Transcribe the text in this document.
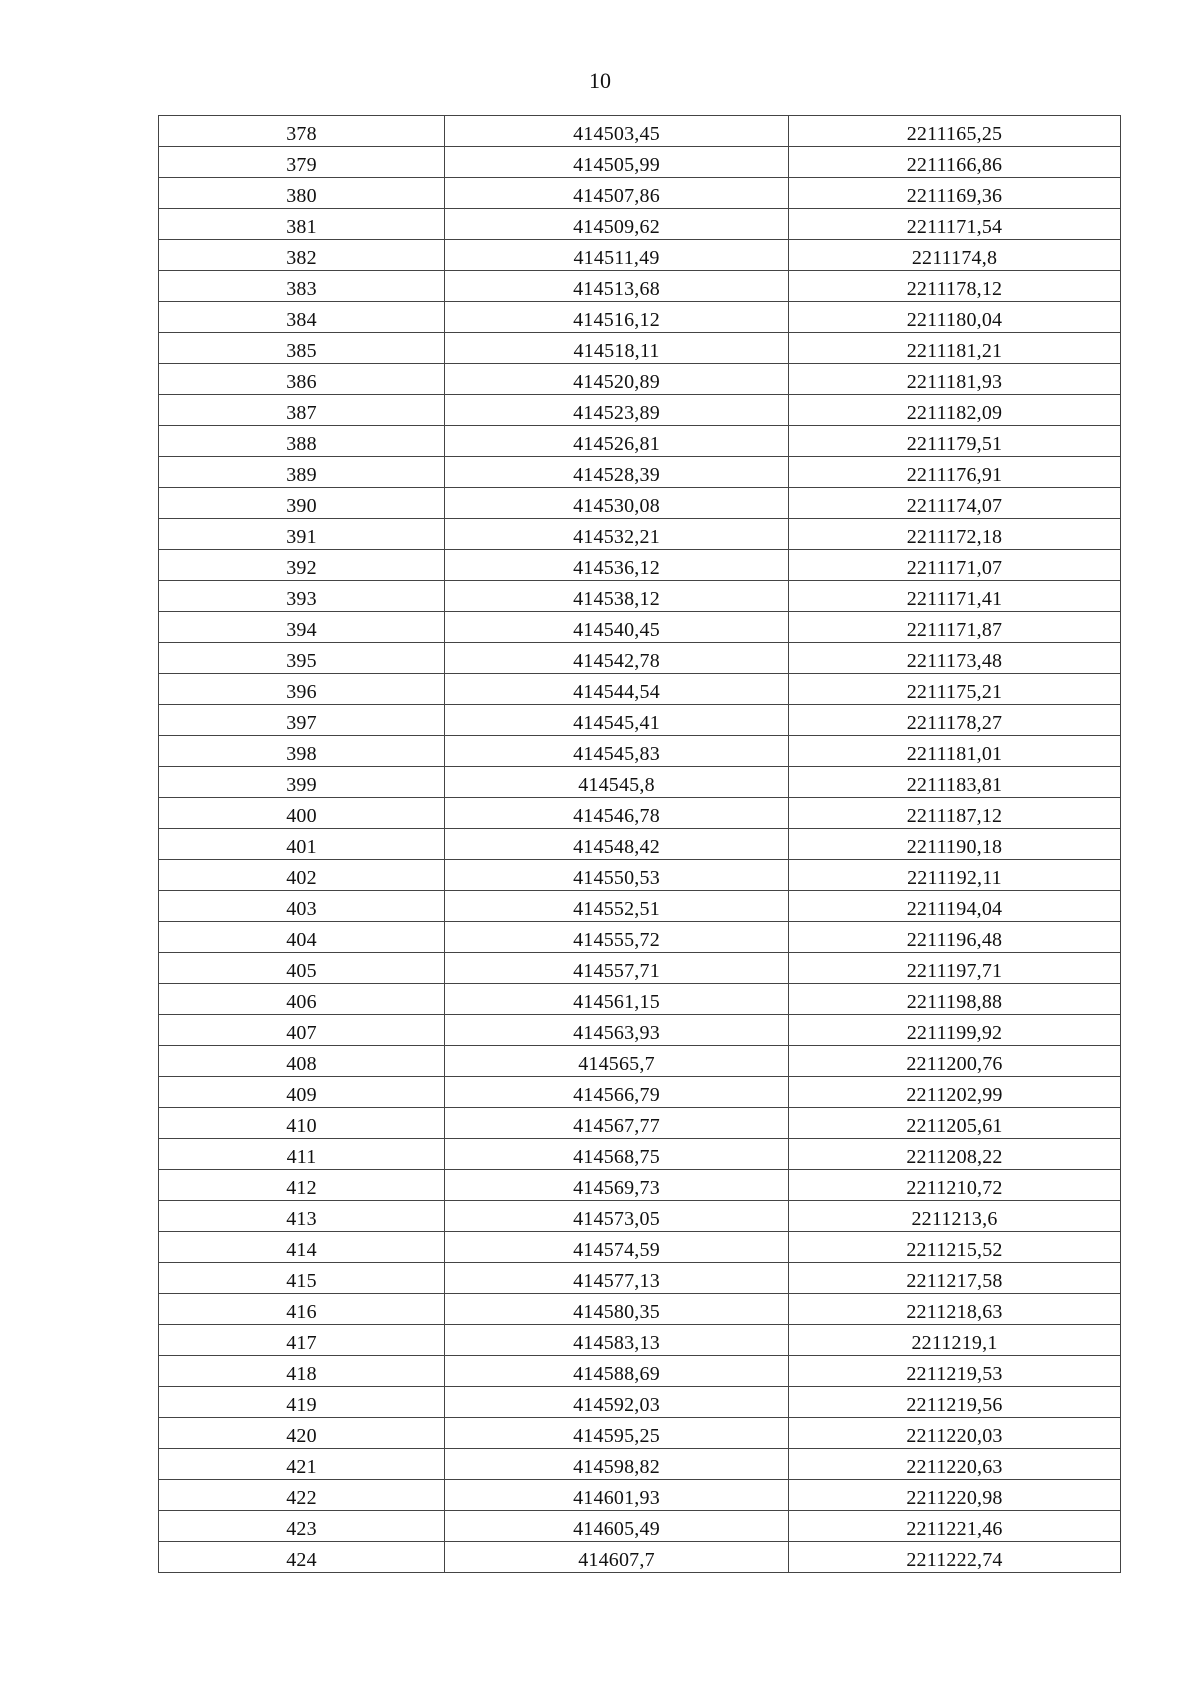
10
378	414503,45	2211165,25
379	414505,99	2211166,86
380	414507,86	2211169,36
381	414509,62	2211171,54
382	414511,49	2211174,8
383	414513,68	2211178,12
384	414516,12	2211180,04
385	414518,11	2211181,21
386	414520,89	2211181,93
387	414523,89	2211182,09
388	414526,81	2211179,51
389	414528,39	2211176,91
390	414530,08	2211174,07
391	414532,21	2211172,18
392	414536,12	2211171,07
393	414538,12	2211171,41
394	414540,45	2211171,87
395	414542,78	2211173,48
396	414544,54	2211175,21
397	414545,41	2211178,27
398	414545,83	2211181,01
399	414545,8	2211183,81
400	414546,78	2211187,12
401	414548,42	2211190,18
402	414550,53	2211192,11
403	414552,51	2211194,04
404	414555,72	2211196,48
405	414557,71	2211197,71
406	414561,15	2211198,88
407	414563,93	2211199,92
408	414565,7	2211200,76
409	414566,79	2211202,99
410	414567,77	2211205,61
411	414568,75	2211208,22
412	414569,73	2211210,72
413	414573,05	2211213,6
414	414574,59	2211215,52
415	414577,13	2211217,58
416	414580,35	2211218,63
417	414583,13	2211219,1
418	414588,69	2211219,53
419	414592,03	2211219,56
420	414595,25	2211220,03
421	414598,82	2211220,63
422	414601,93	2211220,98
423	414605,49	2211221,46
424	414607,7	2211222,74
